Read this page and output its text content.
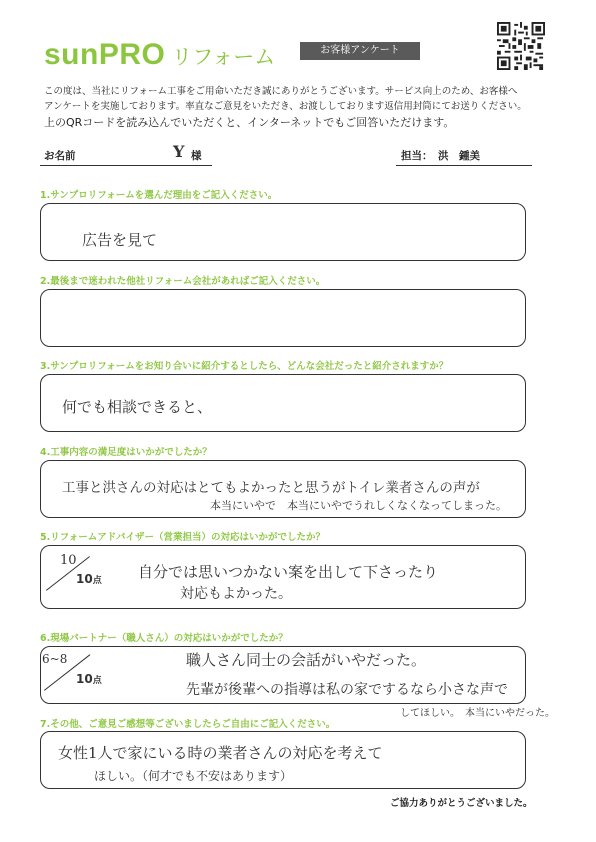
sunPRO リフォーム	お客様アンケート
この度は、当社にリフォーム工事をご用命いただき誠にありがとうございます。サービス向上のため、お客様へ
アンケートを実施しております。率直なご意見をいただき、お渡ししております返信用封筒にてお送りください。
上のQRコードを読み込んでいただくと、インターネットでもご回答いただけます。
お名前	Y 様	担当： 洪　鍾美
1.サンプロリフォームを選んだ理由をご記入ください。
広告を見て
2.最後まで迷われた他社リフォーム会社があればご記入ください。
3.サンプロリフォームをお知り合いに紹介するとしたら、どんな会社だったと紹介されますか？
何でも相談できると、
4.工事内容の満足度はいかがでしたか？
工事と洪さんの対応はとてもよかったと思うがトイレ業者さんの声が
本当にいやで　本当にいやでうれしくなくなってしまった。
5.リフォームアドバイザー（営業担当）の対応はいかがでしたか？
10
10点 自分では思いつかない案を出して下さったり
対応もよかった。
6.現場パートナー（職人さん）の対応はいかがでしたか？
6~8
10点
職人さん同士の会話がいやだった。
先輩が後輩への指導は私の家でするなら小さな声で
してほしい。　本当にいやだった。
7.その他、ご意見ご感想等ございましたらご自由にご記入ください。
女性1人で家にいる時の業者さんの対応を考えて
ほしい。（何才でも不安はあります）
ご協力ありがとうございました。
